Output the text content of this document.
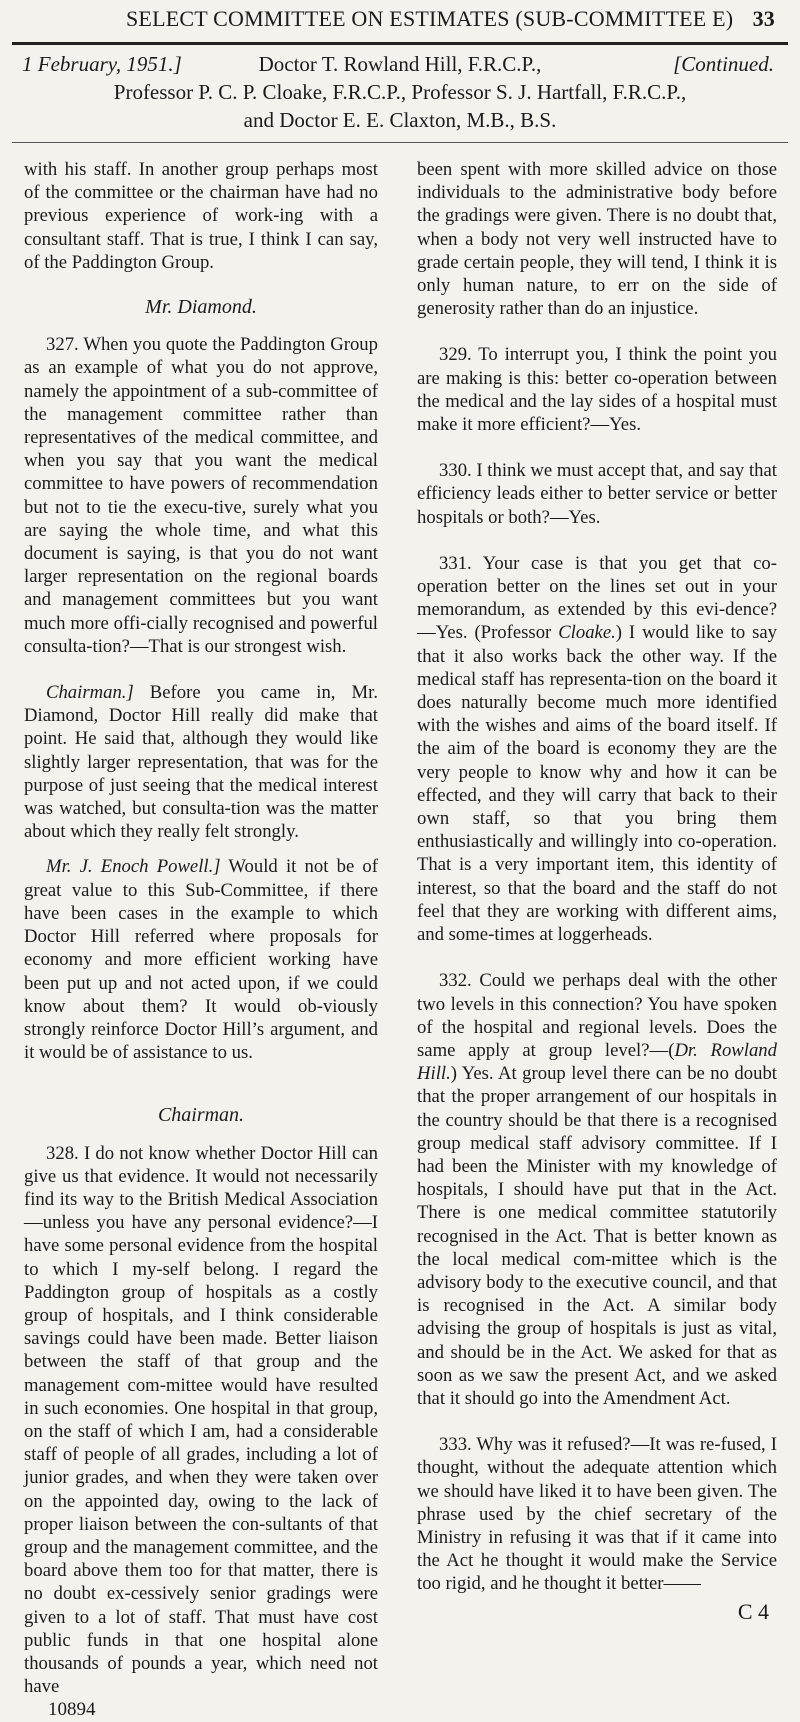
SELECT COMMITTEE ON ESTIMATES (SUB-COMMITTEE E) 33
1 February, 1951.]	[Continued.
Doctor T. Rowland Hill, F.R.C.P.,
Professor P. C. P. Cloake, F.R.C.P., Professor S. J. Hartfall, F.R.C.P.,
and Doctor E. E. Claxton, M.B., B.S.

with his staff. In another group perhaps most of the committee or the chairman have had no previous experience of work-ing with a consultant staff. That is true, I think I can say, of the Paddington Group.

Mr. Diamond.

327. When you quote the Paddington Group as an example of what you do not approve, namely the appointment of a sub-committee of the management committee rather than representatives of the medical committee, and when you say that you want the medical committee to have powers of recommendation but not to tie the execu-tive, surely what you are saying the whole time, and what this document is saying, is that you do not want larger representation on the regional boards and management committees but you want much more offi-cially recognised and powerful consulta-tion?—That is our strongest wish.

Chairman.] Before you came in, Mr. Diamond, Doctor Hill really did make that point. He said that, although they would like slightly larger representation, that was for the purpose of just seeing that the medical interest was watched, but consulta-tion was the matter about which they really felt strongly.

Mr. J. Enoch Powell.] Would it not be of great value to this Sub-Committee, if there have been cases in the example to which Doctor Hill referred where proposals for economy and more efficient working have been put up and not acted upon, if we could know about them? It would ob-viously strongly reinforce Doctor Hill’s argument, and it would be of assistance to us.

Chairman.

328. I do not know whether Doctor Hill can give us that evidence. It would not necessarily find its way to the British Medical Association—unless you have any personal evidence?—I have some personal evidence from the hospital to which I my-self belong. I regard the Paddington group of hospitals as a costly group of hospitals, and I think considerable savings could have been made. Better liaison between the staff of that group and the management com-mittee would have resulted in such economies. One hospital in that group, on the staff of which I am, had a considerable staff of people of all grades, including a lot of junior grades, and when they were taken over on the appointed day, owing to the lack of proper liaison between the con-sultants of that group and the management committee, and the board above them too for that matter, there is no doubt ex-cessively senior gradings were given to a lot of staff. That must have cost public funds in that one hospital alone thousands of pounds a year, which need not have

10894

been spent with more skilled advice on those individuals to the administrative body before the gradings were given. There is no doubt that, when a body not very well instructed have to grade certain people, they will tend, I think it is only human nature, to err on the side of generosity rather than do an injustice.

329. To interrupt you, I think the point you are making is this: better co-operation between the medical and the lay sides of a hospital must make it more efficient?—Yes.

330. I think we must accept that, and say that efficiency leads either to better service or better hospitals or both?—Yes.

331. Your case is that you get that co-operation better on the lines set out in your memorandum, as extended by this evi-dence?—Yes. (Professor Cloake.) I would like to say that it also works back the other way. If the medical staff has representa-tion on the board it does naturally become much more identified with the wishes and aims of the board itself. If the aim of the board is economy they are the very people to know why and how it can be effected, and they will carry that back to their own staff, so that you bring them enthusiastically and willingly into co-operation. That is a very important item, this identity of interest, so that the board and the staff do not feel that they are working with different aims, and some-times at loggerheads.

332. Could we perhaps deal with the other two levels in this connection? You have spoken of the hospital and regional levels. Does the same apply at group level?—(Dr. Rowland Hill.) Yes. At group level there can be no doubt that the proper arrangement of our hospitals in the country should be that there is a recognised group medical staff advisory committee. If I had been the Minister with my knowledge of hospitals, I should have put that in the Act. There is one medical committee statutorily recognised in the Act. That is better known as the local medical com-mittee which is the advisory body to the executive council, and that is recognised in the Act. A similar body advising the group of hospitals is just as vital, and should be in the Act. We asked for that as soon as we saw the present Act, and we asked that it should go into the Amendment Act.

333. Why was it refused?—It was re-fused, I thought, without the adequate attention which we should have liked it to have been given. The phrase used by the chief secretary of the Ministry in refusing it was that if it came into the Act he thought it would make the Service too rigid, and he thought it better——

C 4
